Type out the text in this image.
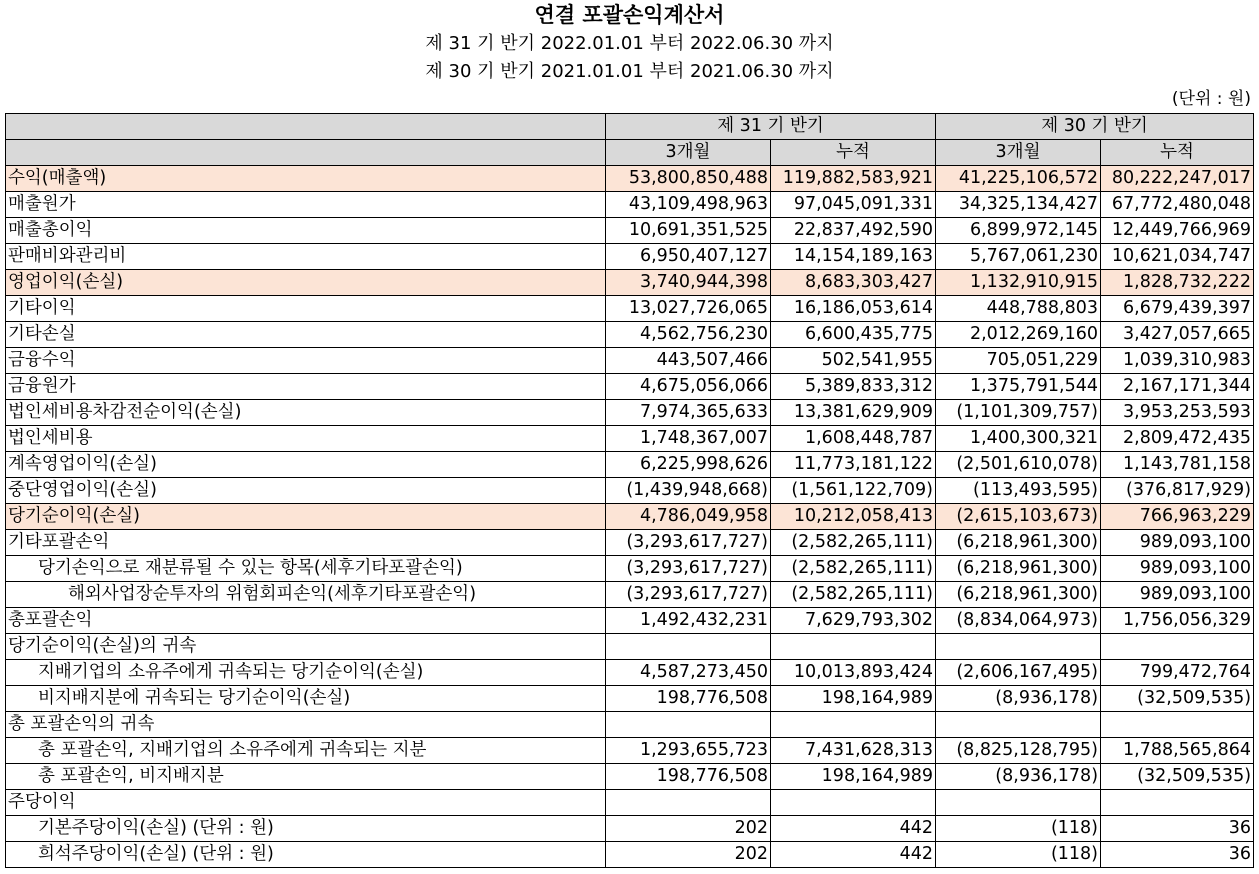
연결 포괄손익계산서
제 31 기 반기 2022.01.01 부터 2022.06.30 까지
제 30 기 반기 2021.01.01 부터 2021.06.30 까지
(단위 : 원)
	제 31 기 반기		제 30 기 반기	
	3개월	누적	3개월	누적
수익(매출액)	53,800,850,488	119,882,583,921	41,225,106,572	80,222,247,017
매출원가	43,109,498,963	97,045,091,331	34,325,134,427	67,772,480,048
매출총이익	10,691,351,525	22,837,492,590	6,899,972,145	12,449,766,969
판매비와관리비	6,950,407,127	14,154,189,163	5,767,061,230	10,621,034,747
영업이익(손실)	3,740,944,398	8,683,303,427	1,132,910,915	1,828,732,222
기타이익	13,027,726,065	16,186,053,614	448,788,803	6,679,439,397
기타손실	4,562,756,230	6,600,435,775	2,012,269,160	3,427,057,665
금융수익	443,507,466	502,541,955	705,051,229	1,039,310,983
금융원가	4,675,056,066	5,389,833,312	1,375,791,544	2,167,171,344
법인세비용차감전순이익(손실)	7,974,365,633	13,381,629,909	(1,101,309,757)	3,953,253,593
법인세비용	1,748,367,007	1,608,448,787	1,400,300,321	2,809,472,435
계속영업이익(손실)	6,225,998,626	11,773,181,122	(2,501,610,078)	1,143,781,158
중단영업이익(손실)	(1,439,948,668)	(1,561,122,709)	(113,493,595)	(376,817,929)
당기순이익(손실)	4,786,049,958	10,212,058,413	(2,615,103,673)	766,963,229
기타포괄손익	(3,293,617,727)	(2,582,265,111)	(6,218,961,300)	989,093,100
당기손익으로 재분류될 수 있는 항목(세후기타포괄손익)	(3,293,617,727)	(2,582,265,111)	(6,218,961,300)	989,093,100
해외사업장순투자의 위험회피손익(세후기타포괄손익)	(3,293,617,727)	(2,582,265,111)	(6,218,961,300)	989,093,100
총포괄손익	1,492,432,231	7,629,793,302	(8,834,064,973)	1,756,056,329
당기순이익(손실)의 귀속				
지배기업의 소유주에게 귀속되는 당기순이익(손실)	4,587,273,450	10,013,893,424	(2,606,167,495)	799,472,764
비지배지분에 귀속되는 당기순이익(손실)	198,776,508	198,164,989	(8,936,178)	(32,509,535)
총 포괄손익의 귀속				
총 포괄손익, 지배기업의 소유주에게 귀속되는 지분	1,293,655,723	7,431,628,313	(8,825,128,795)	1,788,565,864
총 포괄손익, 비지배지분	198,776,508	198,164,989	(8,936,178)	(32,509,535)
주당이익				
기본주당이익(손실) (단위 : 원)	202	442	(118)	36
희석주당이익(손실) (단위 : 원)	202	442	(118)	36
